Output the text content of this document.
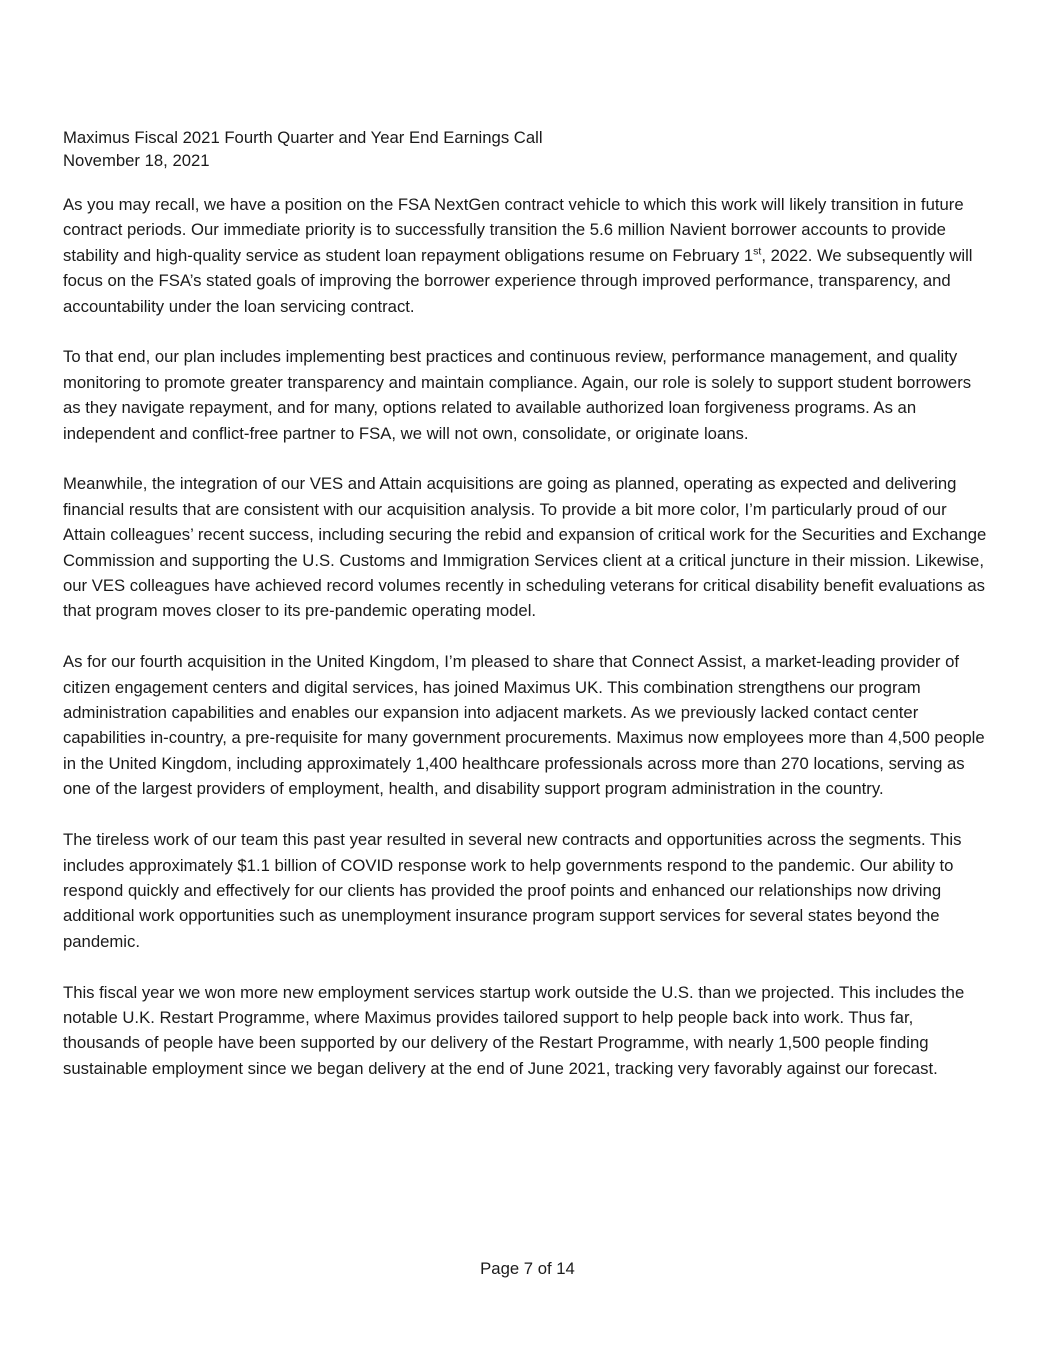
Maximus Fiscal 2021 Fourth Quarter and Year End Earnings Call
November 18, 2021

As you may recall, we have a position on the FSA NextGen contract vehicle to which this work will likely transition in future contract periods. Our immediate priority is to successfully transition the 5.6 million Navient borrower accounts to provide stability and high-quality service as student loan repayment obligations resume on February 1st, 2022. We subsequently will focus on the FSA’s stated goals of improving the borrower experience through improved performance, transparency, and accountability under the loan servicing contract.

To that end, our plan includes implementing best practices and continuous review, performance management, and quality monitoring to promote greater transparency and maintain compliance. Again, our role is solely to support student borrowers as they navigate repayment, and for many, options related to available authorized loan forgiveness programs. As an independent and conflict-free partner to FSA, we will not own, consolidate, or originate loans.

Meanwhile, the integration of our VES and Attain acquisitions are going as planned, operating as expected and delivering financial results that are consistent with our acquisition analysis. To provide a bit more color, I’m particularly proud of our Attain colleagues’ recent success, including securing the rebid and expansion of critical work for the Securities and Exchange Commission and supporting the U.S. Customs and Immigration Services client at a critical juncture in their mission. Likewise, our VES colleagues have achieved record volumes recently in scheduling veterans for critical disability benefit evaluations as that program moves closer to its pre-pandemic operating model.

As for our fourth acquisition in the United Kingdom, I’m pleased to share that Connect Assist, a market-leading provider of citizen engagement centers and digital services, has joined Maximus UK. This combination strengthens our program administration capabilities and enables our expansion into adjacent markets. As we previously lacked contact center capabilities in-country, a pre-requisite for many government procurements. Maximus now employees more than 4,500 people in the United Kingdom, including approximately 1,400 healthcare professionals across more than 270 locations, serving as one of the largest providers of employment, health, and disability support program administration in the country.

The tireless work of our team this past year resulted in several new contracts and opportunities across the segments. This includes approximately $1.1 billion of COVID response work to help governments respond to the pandemic. Our ability to respond quickly and effectively for our clients has provided the proof points and enhanced our relationships now driving additional work opportunities such as unemployment insurance program support services for several states beyond the pandemic.

This fiscal year we won more new employment services startup work outside the U.S. than we projected. This includes the notable U.K. Restart Programme, where Maximus provides tailored support to help people back into work. Thus far, thousands of people have been supported by our delivery of the Restart Programme, with nearly 1,500 people finding sustainable employment since we began delivery at the end of June 2021, tracking very favorably against our forecast.

Page 7 of 14
